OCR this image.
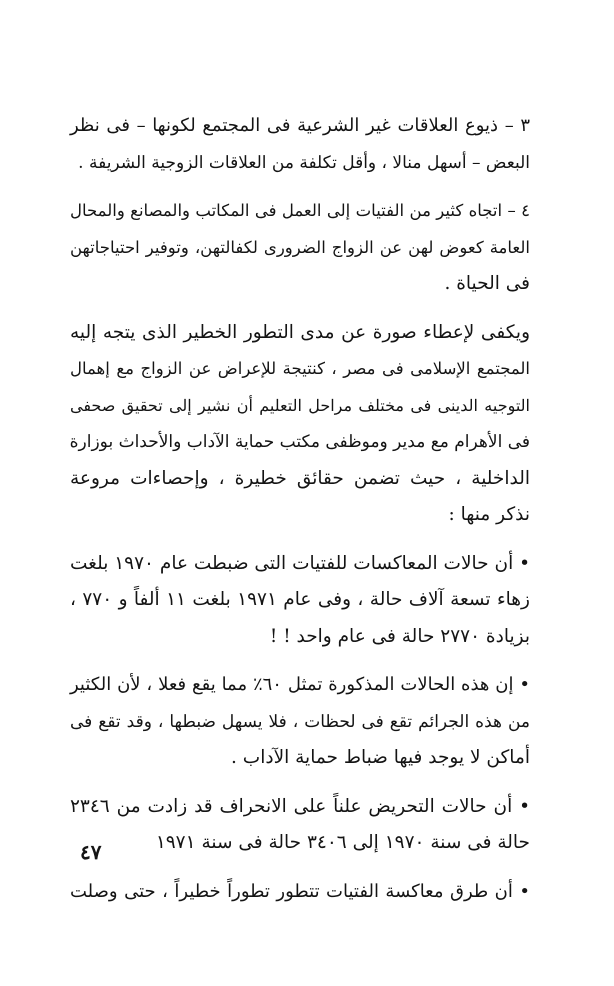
٣ – ذيوع العلاقات غير الشرعية فى المجتمع لكونها – فى نظر
البعض – أسهل منالا ، وأقل تكلفة من العلاقات الزوجية الشريفة .

٤ – اتجاه كثير من الفتيات إلى العمل فى المكاتب والمصانع والمحال
العامة كعوض لهن عن الزواج الضرورى لكفالتهن، وتوفير احتياجاتهن
فى الحياة .

ويكفى لإعطاء صورة عن مدى التطور الخطير الذى يتجه إليه
المجتمع الإسلامى فى مصر ، كنتيجة للإعراض عن الزواج مع إهمال
التوجيه الدينى فى مختلف مراحل التعليم أن نشير إلى تحقيق صحفى
فى الأهرام مع مدير وموظفى مكتب حماية الآداب والأحداث بوزارة
الداخلية ، حيث تضمن حقائق خطيرة ، وإحصاءات مروعة
نذكر منها :

• أن حالات المعاكسات للفتيات التى ضبطت عام ١٩٧٠ بلغت
زهاء تسعة آلاف حالة ، وفى عام ١٩٧١ بلغت ١١ ألفاً و ٧٧٠ ،
بزيادة ٢٧٧٠ حالة فى عام واحد ! !

• إن هذه الحالات المذكورة تمثل ٦٠٪ مما يقع فعلا ، لأن الكثير
من هذه الجرائم تقع فى لحظات ، فلا يسهل ضبطها ، وقد تقع فى
أماكن لا يوجد فيها ضباط حماية الآداب .

• أن حالات التحريض علناً على الانحراف قد زادت من ٢٣٤٦
حالة فى سنة ١٩٧٠ إلى ٣٤٠٦ حالة فى سنة ١٩٧١

• أن طرق معاكسة الفتيات تتطور تطوراً خطيراً ، حتى وصلت

٤٧
